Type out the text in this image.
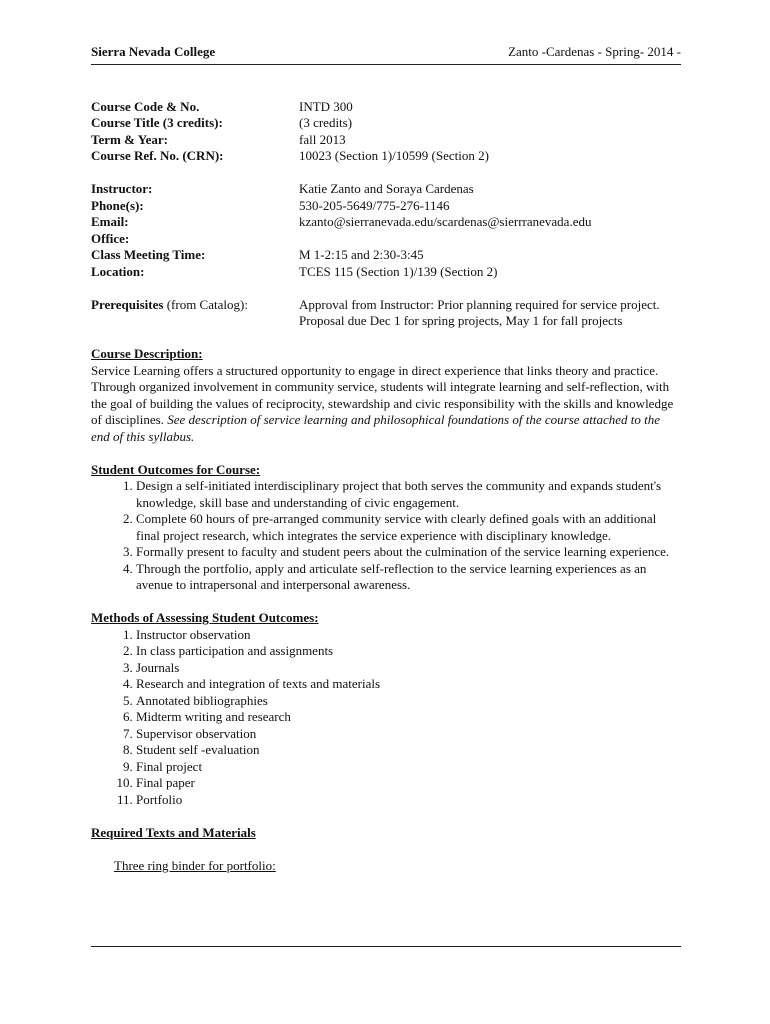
Sierra Nevada College	Zanto -Cardenas - Spring- 2014 -
Course Code & No.	INTD 300
Course Title (3 credits):	(3 credits)
Term & Year:	fall 2013
Course Ref. No. (CRN):	10023 (Section 1)/10599 (Section 2)
Instructor:	Katie Zanto and Soraya Cardenas
Phone(s):	530-205-5649/775-276-1146
Email:	kzanto@sierranevada.edu/scardenas@sierrranevada.edu
Office:
Class Meeting Time:	M 1-2:15 and 2:30-3:45
Location:	TCES 115 (Section 1)/139 (Section 2)
Prerequisites (from Catalog):	Approval from Instructor: Prior planning required for service project. Proposal due Dec 1 for spring projects, May 1 for fall projects
Course Description:
Service Learning offers a structured opportunity to engage in direct experience that links theory and practice. Through organized involvement in community service, students will integrate learning and self-reflection, with the goal of building the values of reciprocity, stewardship and civic responsibility with the skills and knowledge of disciplines. See description of service learning and philosophical foundations of the course attached to the end of this syllabus.
Student Outcomes for Course:
1. Design a self-initiated interdisciplinary project that both serves the community and expands student's knowledge, skill base and understanding of civic engagement.
2. Complete 60 hours of pre-arranged community service with clearly defined goals with an additional final project research, which integrates the service experience with disciplinary knowledge.
3. Formally present to faculty and student peers about the culmination of the service learning experience.
4. Through the portfolio, apply and articulate self-reflection to the service learning experiences as an avenue to intrapersonal and interpersonal awareness.
Methods of Assessing Student Outcomes:
1. Instructor observation
2. In class participation and assignments
3. Journals
4. Research and integration of texts and materials
5. Annotated bibliographies
6. Midterm writing and research
7. Supervisor observation
8. Student self -evaluation
9. Final project
10. Final paper
11. Portfolio
Required Texts and Materials
Three ring binder for portfolio:
